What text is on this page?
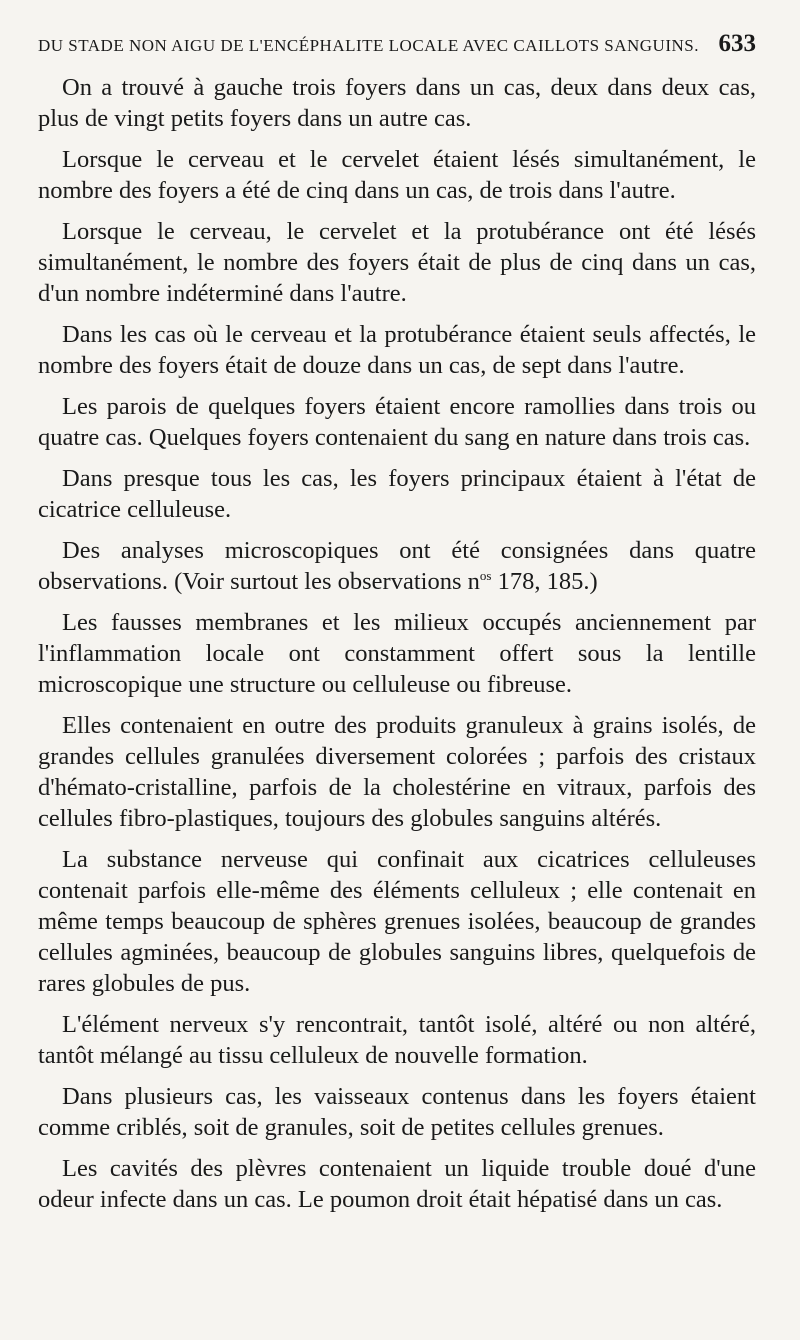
DU STADE NON AIGU DE L'ENCÉPHALITE LOCALE AVEC CAILLOTS SANGUINS. 633

On a trouvé à gauche trois foyers dans un cas, deux dans deux cas, plus de vingt petits foyers dans un autre cas.

Lorsque le cerveau et le cervelet étaient lésés simultanément, le nombre des foyers a été de cinq dans un cas, de trois dans l'autre.

Lorsque le cerveau, le cervelet et la protubérance ont été lésés simultanément, le nombre des foyers était de plus de cinq dans un cas, d'un nombre indéterminé dans l'autre.

Dans les cas où le cerveau et la protubérance étaient seuls affectés, le nombre des foyers était de douze dans un cas, de sept dans l'autre.

Les parois de quelques foyers étaient encore ramollies dans trois ou quatre cas. Quelques foyers contenaient du sang en nature dans trois cas.

Dans presque tous les cas, les foyers principaux étaient à l'état de cicatrice celluleuse.

Des analyses microscopiques ont été consignées dans quatre observations. (Voir surtout les observations $n^{os}$ 178, 185.)

Les fausses membranes et les milieux occupés anciennement par l'inflammation locale ont constamment offert sous la lentille microscopique une structure ou celluleuse ou fibreuse.

Elles contenaient en outre des produits granuleux à grains isolés, de grandes cellules granulées diversement colorées ; parfois des cristaux d'hémato-cristalline, parfois de la cholestérine en vitraux, parfois des cellules fibro-plastiques, toujours des globules sanguins altérés.

La substance nerveuse qui confinait aux cicatrices celluleuses contenait parfois elle-même des éléments celluleux ; elle contenait en même temps beaucoup de sphères grenues isolées, beaucoup de grandes cellules agminées, beaucoup de globules sanguins libres, quelquefois de rares globules de pus.

L'élément nerveux s'y rencontrait, tantôt isolé, altéré ou non altéré, tantôt mélangé au tissu celluleux de nouvelle formation.

Dans plusieurs cas, les vaisseaux contenus dans les foyers étaient comme criblés, soit de granules, soit de petites cellules grenues.

Les cavités des plèvres contenaient un liquide trouble doué d'une odeur infecte dans un cas. Le poumon droit était hépatisé dans un cas.
